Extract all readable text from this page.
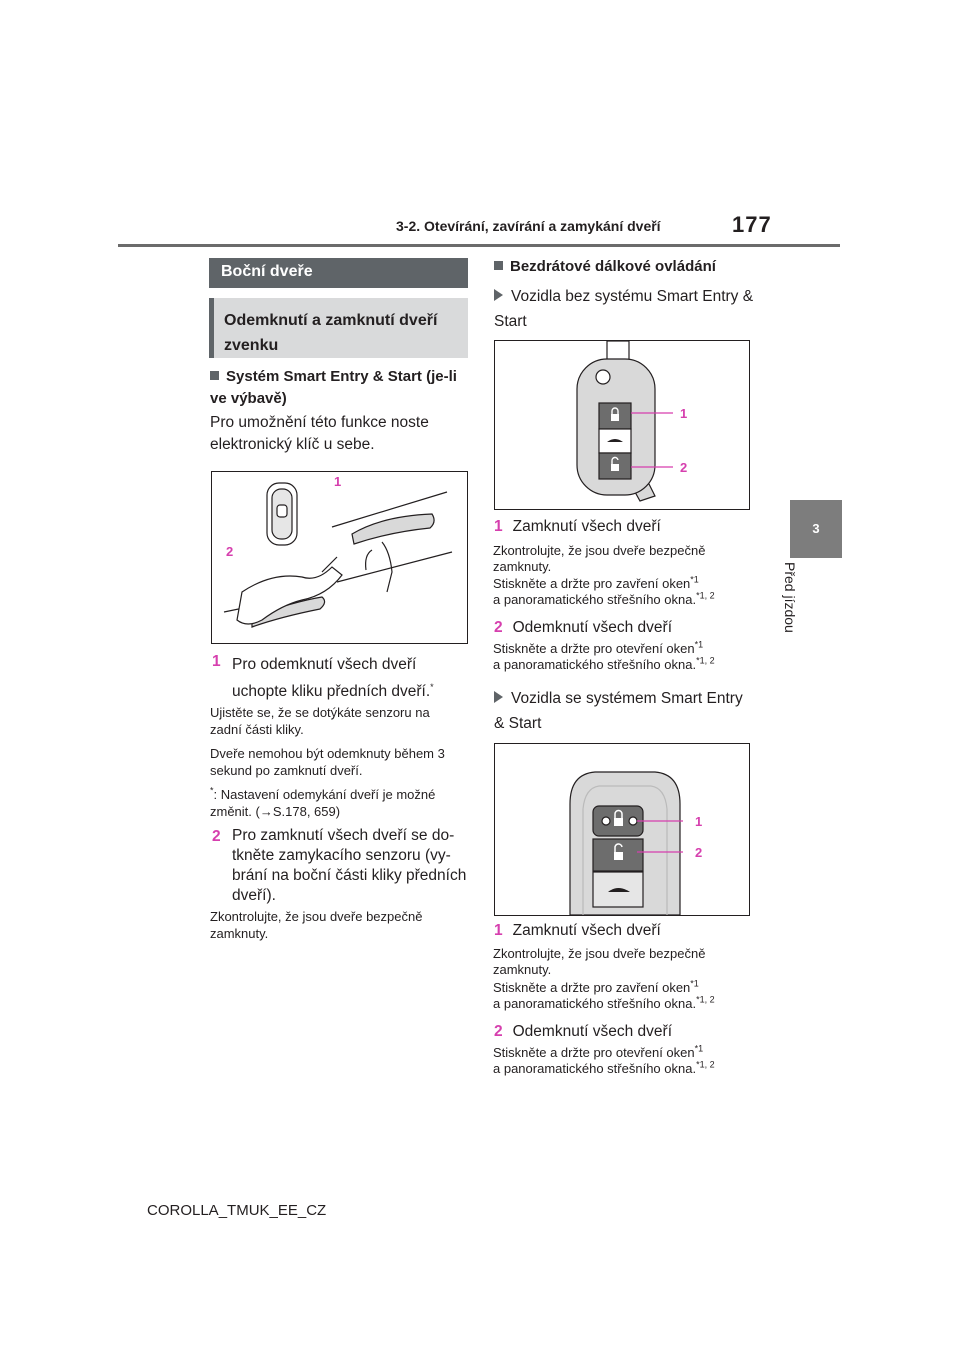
3-2. Otevírání, zavírání a zamykání dveří	177
3
Před jízdou
Boční dveře
Odemknutí a zamknutí dveří zvenku
Systém Smart Entry & Start (je-li ve výbavě)
Pro umožnění této funkce noste elektronický klíč u sebe.
1
2
1 Pro odemknutí všech dveří uchopte kliku předních dveří.*
Ujistěte se, že se dotýkáte senzoru na zadní části kliky.
Dveře nemohou být odemknuty během 3 sekund po zamknutí dveří.
*: Nastavení odemykání dveří je možné změnit. (→S.178, 659)
2 Pro zamknutí všech dveří se do-tkněte zamykacího senzoru (vy-brání na boční části kliky předních dveří).
Zkontrolujte, že jsou dveře bezpečně zamknuty.
Bezdrátové dálkové ovládání
Vozidla bez systému Smart Entry & Start
1
2
1 Zamknutí všech dveří
Zkontrolujte, že jsou dveře bezpečně zamknuty.
Stiskněte a držte pro zavření oken$^{*1}$
a panoramatického střešního okna.$^{*1, 2}$
2 Odemknutí všech dveří
Stiskněte a držte pro otevření oken$^{*1}$
a panoramatického střešního okna.$^{*1, 2}$
Vozidla se systémem Smart Entry & Start
1
2
1 Zamknutí všech dveří
Zkontrolujte, že jsou dveře bezpečně zamknuty.
Stiskněte a držte pro zavření oken$^{*1}$
a panoramatického střešního okna.$^{*1, 2}$
2 Odemknutí všech dveří
Stiskněte a držte pro otevření oken$^{*1}$
a panoramatického střešního okna.$^{*1, 2}$
COROLLA_TMUK_EE_CZ
